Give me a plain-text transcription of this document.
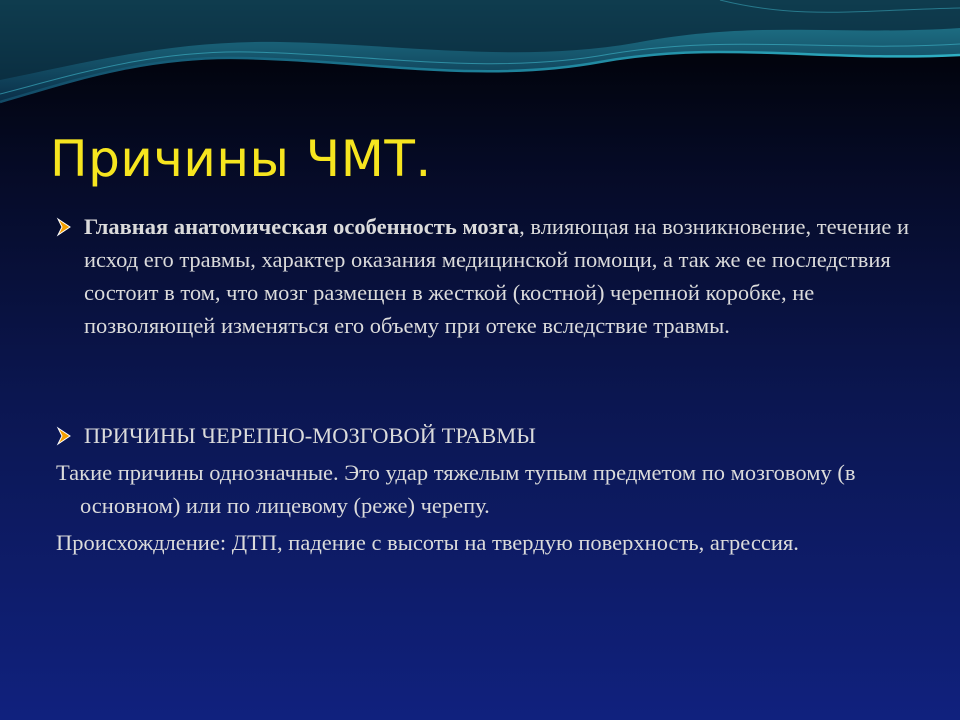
Причины ЧМТ.
Главная анатомическая особенность мозга, влияющая на возникновение, течение и исход его травмы, характер оказания медицинской помощи, а так же ее последствия состоит в том, что мозг размещен в жесткой (костной) черепной коробке, не позволяющей изменяться его объему при отеке вследствие травмы.
ПРИЧИНЫ ЧЕРЕПНО-МОЗГОВОЙ ТРАВМЫ
Такие причины однозначные. Это удар тяжелым тупым предметом по мозговому (в основном) или по лицевому (реже) черепу.
Происхождление: ДТП, падение с высоты на твердую поверхность, агрессия.
